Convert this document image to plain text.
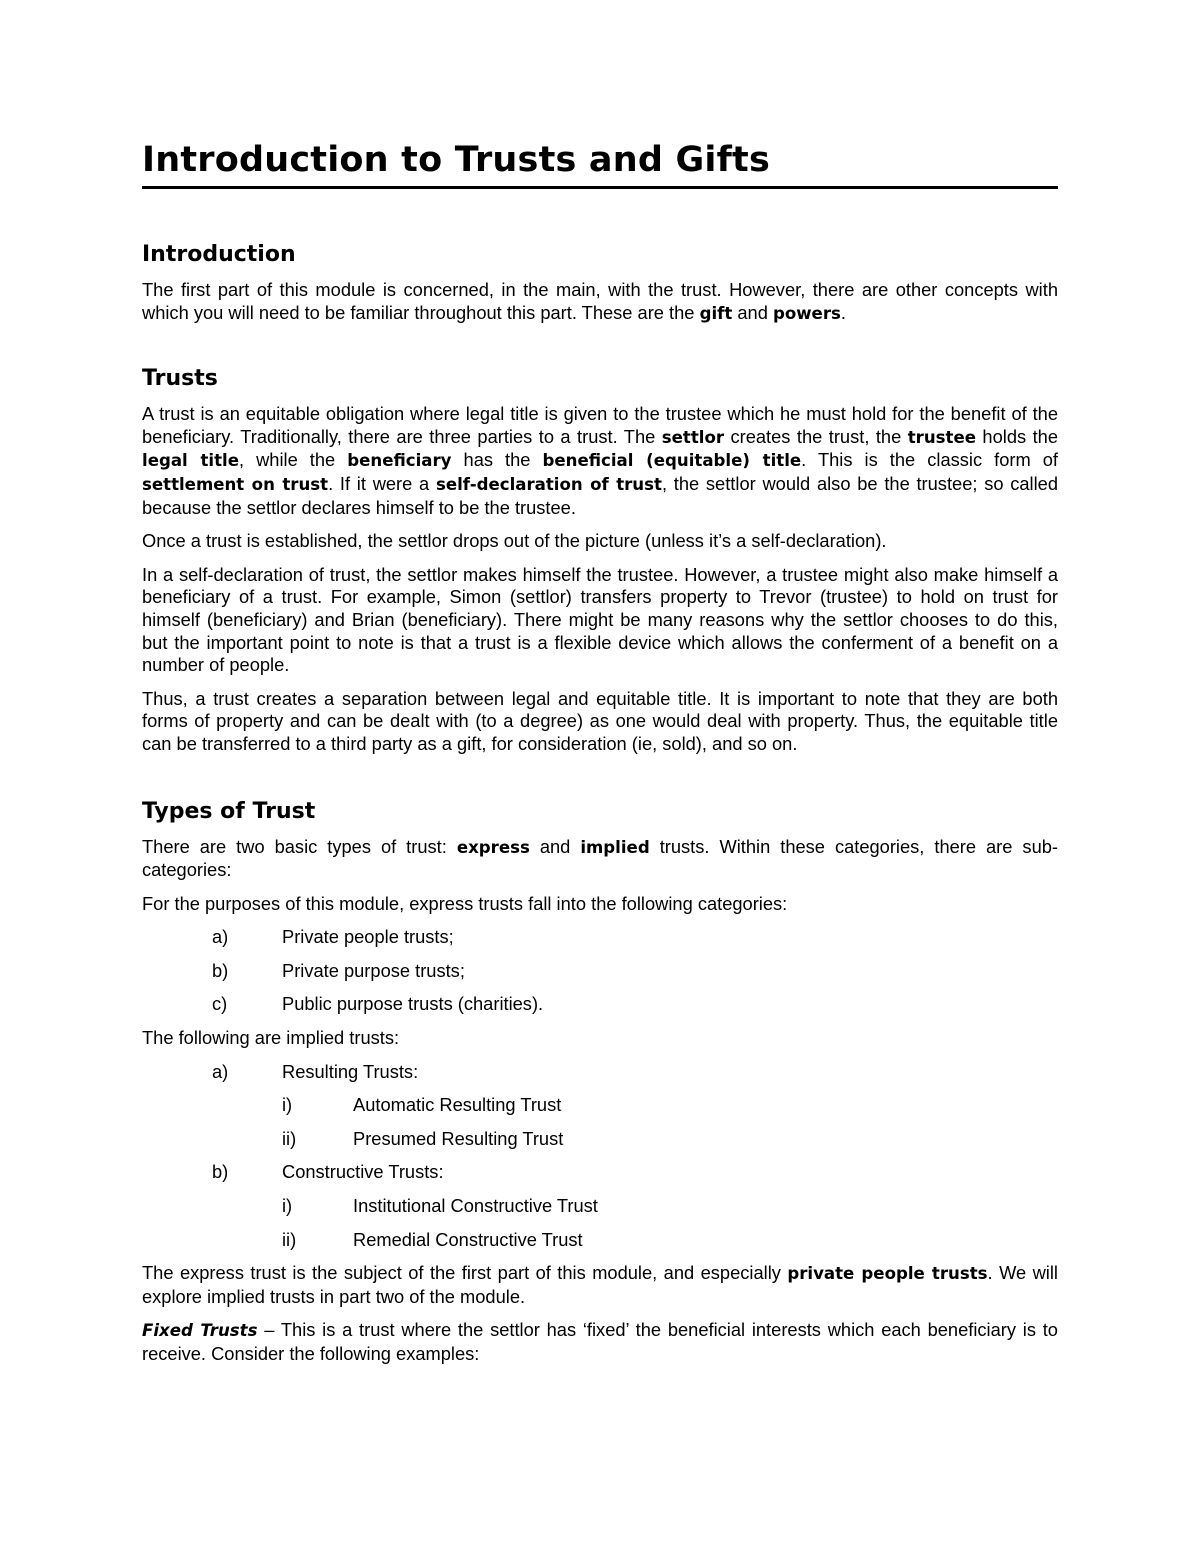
Introduction to Trusts and Gifts
Introduction

The first part of this module is concerned, in the main, with the trust. However, there are other concepts with which you will need to be familiar throughout this part. These are the gift and powers.

Trusts

A trust is an equitable obligation where legal title is given to the trustee which he must hold for the benefit of the beneficiary. Traditionally, there are three parties to a trust. The settlor creates the trust, the trustee holds the legal title, while the beneficiary has the beneficial (equitable) title. This is the classic form of settlement on trust. If it were a self-declaration of trust, the settlor would also be the trustee; so called because the settlor declares himself to be the trustee.

Once a trust is established, the settlor drops out of the picture (unless it’s a self-declaration).

In a self-declaration of trust, the settlor makes himself the trustee. However, a trustee might also make himself a beneficiary of a trust. For example, Simon (settlor) transfers property to Trevor (trustee) to hold on trust for himself (beneficiary) and Brian (beneficiary). There might be many reasons why the settlor chooses to do this, but the important point to note is that a trust is a flexible device which allows the conferment of a benefit on a number of people.

Thus, a trust creates a separation between legal and equitable title. It is important to note that they are both forms of property and can be dealt with (to a degree) as one would deal with property. Thus, the equitable title can be transferred to a third party as a gift, for consideration (ie, sold), and so on.

Types of Trust

There are two basic types of trust: express and implied trusts. Within these categories, there are sub-categories:

For the purposes of this module, express trusts fall into the following categories:

a)	Private people trusts;
b)	Private purpose trusts;
c)	Public purpose trusts (charities).

The following are implied trusts:

a)	Resulting Trusts:
i)	Automatic Resulting Trust
ii)	Presumed Resulting Trust
b)	Constructive Trusts:
i)	Institutional Constructive Trust
ii)	Remedial Constructive Trust

The express trust is the subject of the first part of this module, and especially private people trusts. We will explore implied trusts in part two of the module.

Fixed Trusts – This is a trust where the settlor has ‘fixed’ the beneficial interests which each beneficiary is to receive. Consider the following examples:
